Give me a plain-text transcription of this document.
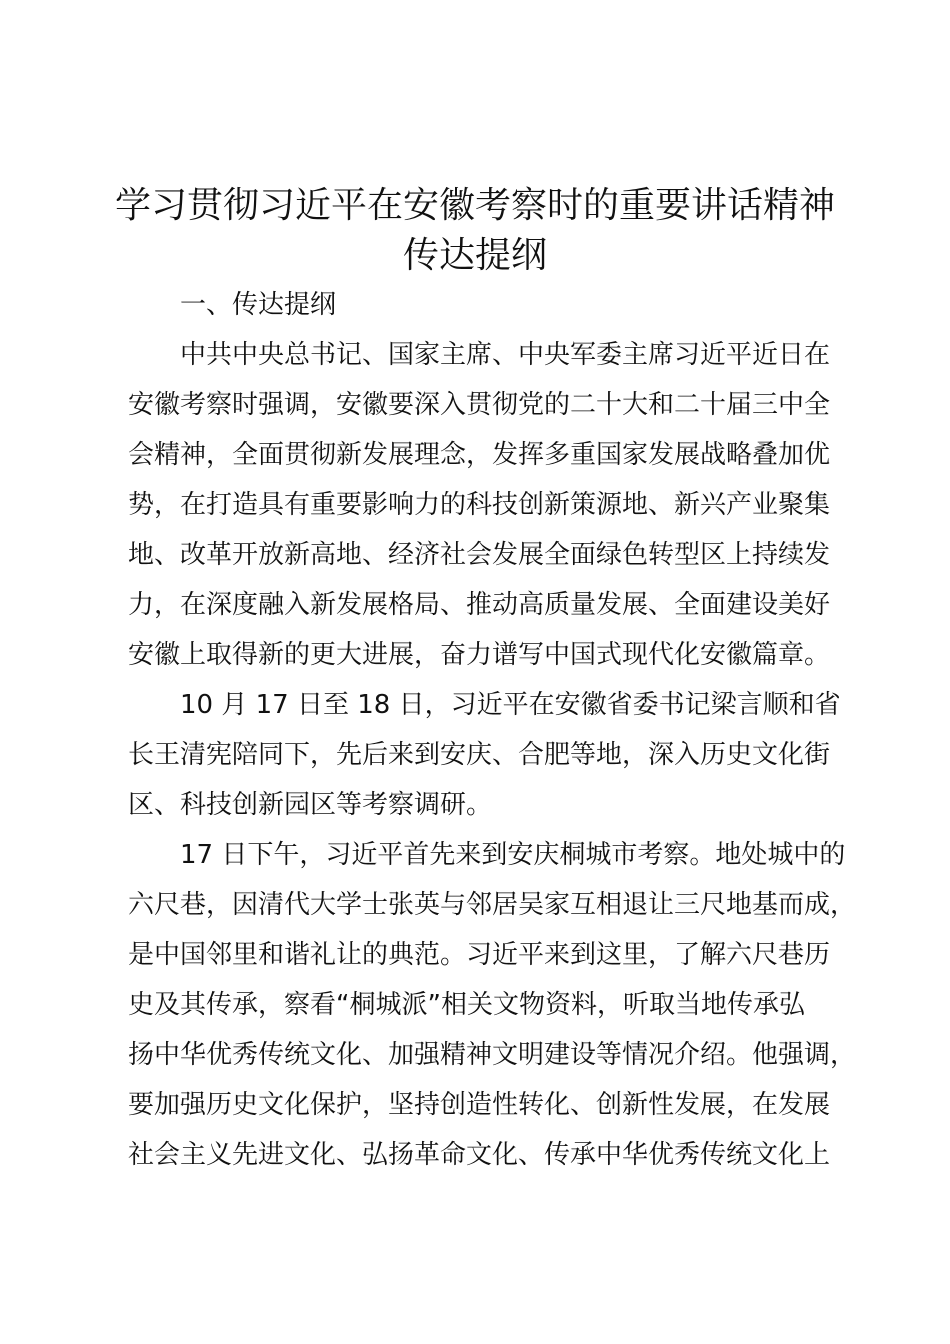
学习贯彻习近平在安徽考察时的重要讲话精神
传达提纲
一、传达提纲
中共中央总书记、国家主席、中央军委主席习近平近日在
安徽考察时强调，安徽要深入贯彻党的二十大和二十届三中全
会精神，全面贯彻新发展理念，发挥多重国家发展战略叠加优
势，在打造具有重要影响力的科技创新策源地、新兴产业聚集
地、改革开放新高地、经济社会发展全面绿色转型区上持续发
力，在深度融入新发展格局、推动高质量发展、全面建设美好
安徽上取得新的更大进展，奋力谱写中国式现代化安徽篇章。
10 月 17 日至 18 日，习近平在安徽省委书记梁言顺和省
长王清宪陪同下，先后来到安庆、合肥等地，深入历史文化街
区、科技创新园区等考察调研。
17 日下午，习近平首先来到安庆桐城市考察。地处城中的
六尺巷，因清代大学士张英与邻居吴家互相退让三尺地基而成，
是中国邻里和谐礼让的典范。习近平来到这里，了解六尺巷历
史及其传承，察看“桐城派”相关文物资料，听取当地传承弘
扬中华优秀传统文化、加强精神文明建设等情况介绍。他强调，
要加强历史文化保护，坚持创造性转化、创新性发展，在发展
社会主义先进文化、弘扬革命文化、传承中华优秀传统文化上
